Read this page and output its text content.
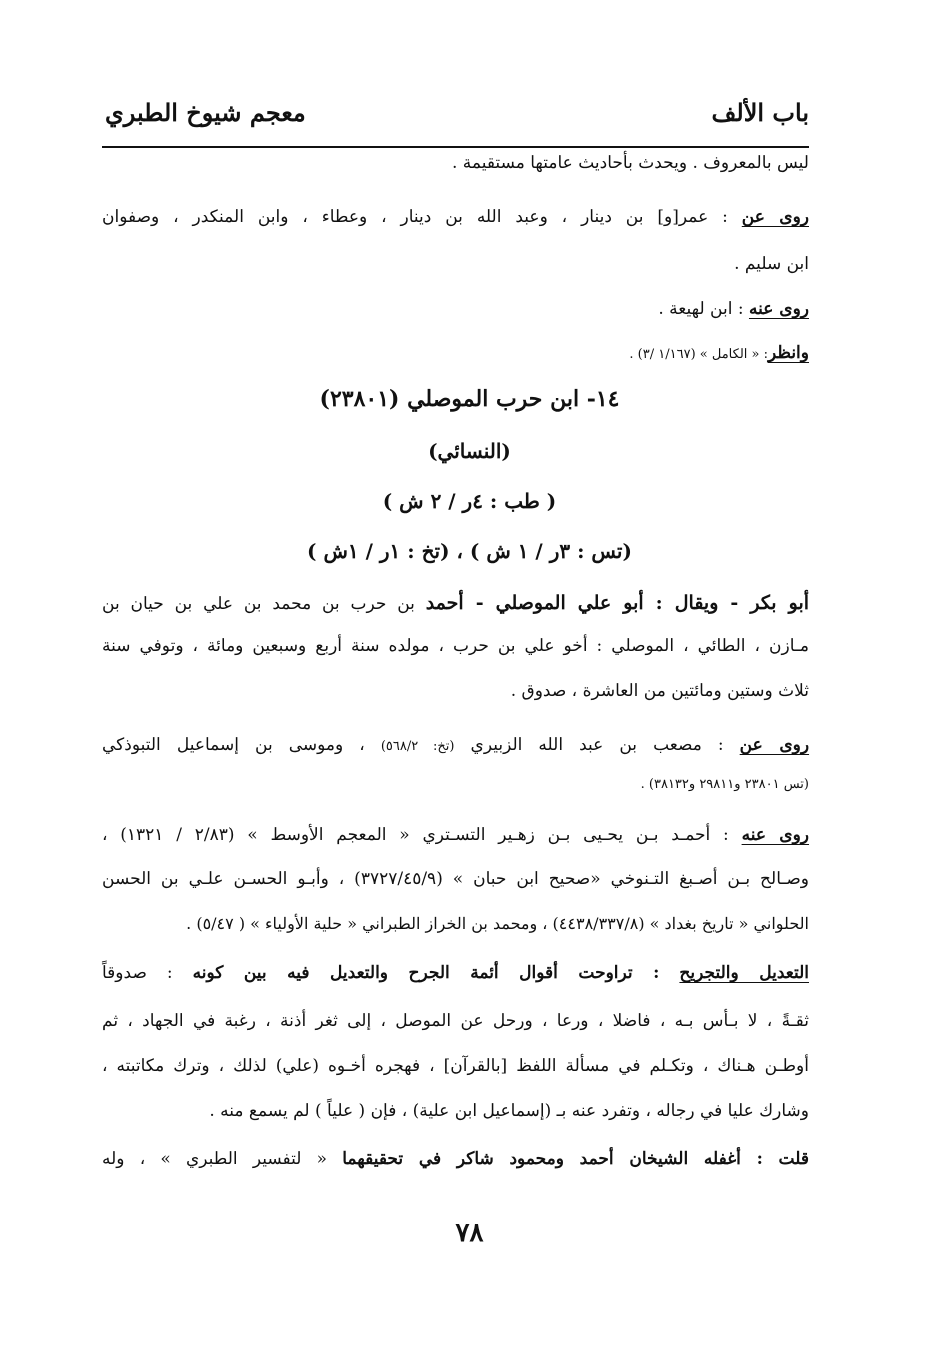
باب الألف
معجم شيوخ الطبري
ليس بالمعروف . ويحدث بأحاديث عامتها مستقيمة .
روى عن : عمر[و] بن دينار ، وعبد الله بن دينار ، وعطاء ، وابن المنكدر ، وصفوان
ابن سليم .
روى عنه : ابن لهيعة .
وانظر: « الكامل » (١/١٦٧ /٣) .
١٤- ابن حرب الموصلي (٢٣٨٠١)
(النسائي)
( طب : ٤ر / ٢ ش )
(تس : ٣ر / ١ ش ) ، (تخ : ١ر / ١ش )
أبو بكر - ويقال : أبو علي الموصلي - أحمد بن حرب بن محمد بن علي بن حيان بن
مـازن ، الطائي ، الموصلي : أخو علي بن حرب ، مولده سنة أربع وسبعين ومائة ، وتوفي سنة
ثلاث وستين ومائتين من العاشرة ، صدوق .
روى عن : مصعب بن عبد الله الزبيري (تخ: ٥٦٨/٢) ، وموسى بن إسماعيل التبوذكي
(تس ٢٣٨٠١ و٢٩٨١١ و٣٨١٣٢) .
روى عنه : أحمـد بـن يحـيى بـن زهـير التسـتري « المعجم الأوسط » (٢/٨٣ / ١٣٢١) ،
وصـالح بـن أصـبغ التـنوخي «صحيح ابن حبان » (٣٧٢٧/٤٥/٩) ، وأبـو الحسـن علـي بن الحسن
الحلواني « تاريخ بغداد » (٤٤٣٨/٣٣٧/٨) ، ومحمد بن الخراز الطبراني « حلية الأولياء » ( ٥/٤٧) .
التعديل والتجريح : تراوحت أقوال أئمة الجرح والتعديل فيه بين كونه : صدوقاً
ثقـةً ، لا بـأس بـه ، فاضلا ، ورعا ، ورحل عن الموصل ، إلى ثغر أذنة ، رغبة في الجهاد ، ثم
أوطـن هـناك ، وتكـلم في مسألة اللفظ [بالقرآن] ، فهجره أخـوه (علي) لذلك ، وترك مكاتبته ،
وشارك عليا في رجاله ، وتفرد عنه بـ (إسماعيل ابن علية) ، فإن ( علياً ) لم يسمع منه .
قلت : أغفله الشيخان أحمد ومحمود شاكر في تحقيقهما « لتفسير الطبري » ، وله
٧٨
